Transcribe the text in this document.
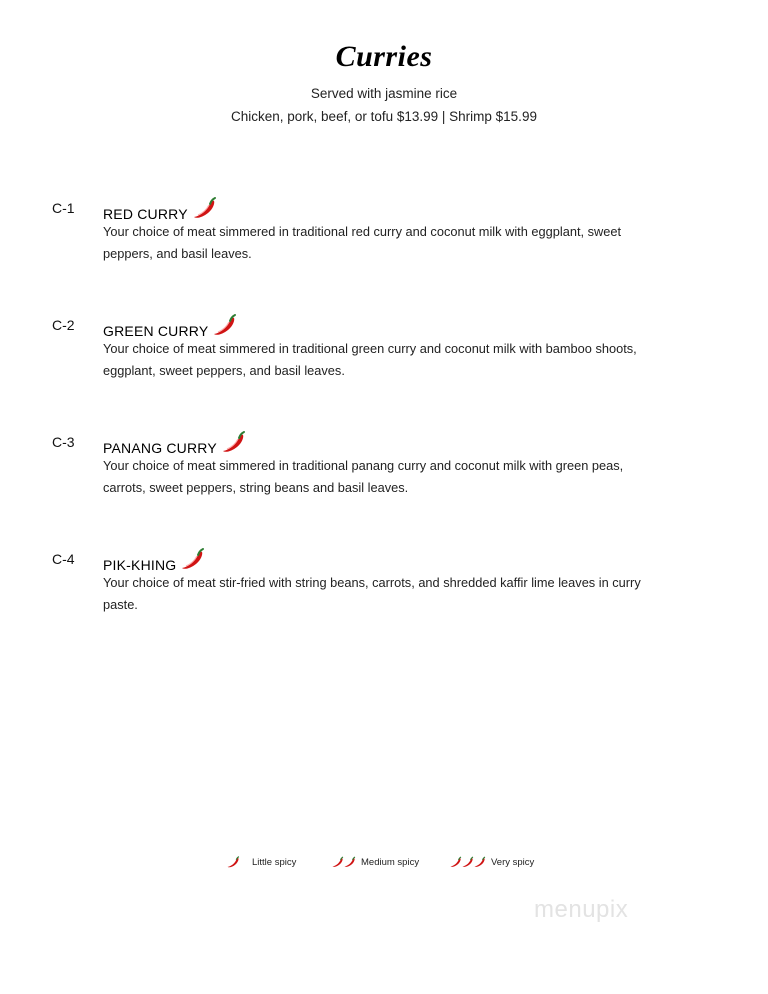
Curries
Served with jasmine rice
Chicken, pork, beef, or tofu $13.99 | Shrimp $15.99
C-1 RED CURRY
Your choice of meat simmered in traditional red curry and coconut milk with eggplant, sweet peppers, and basil leaves.
C-2 GREEN CURRY
Your choice of meat simmered in traditional green curry and coconut milk with bamboo shoots, eggplant, sweet peppers, and basil leaves.
C-3 PANANG CURRY
Your choice of meat simmered in traditional panang curry and coconut milk with green peas, carrots, sweet peppers, string beans and basil leaves.
C-4 PIK-KHING
Your choice of meat stir-fried with string beans, carrots, and shredded kaffir lime leaves in curry paste.
Little spicy	Medium spicy	Very spicy
menupix
